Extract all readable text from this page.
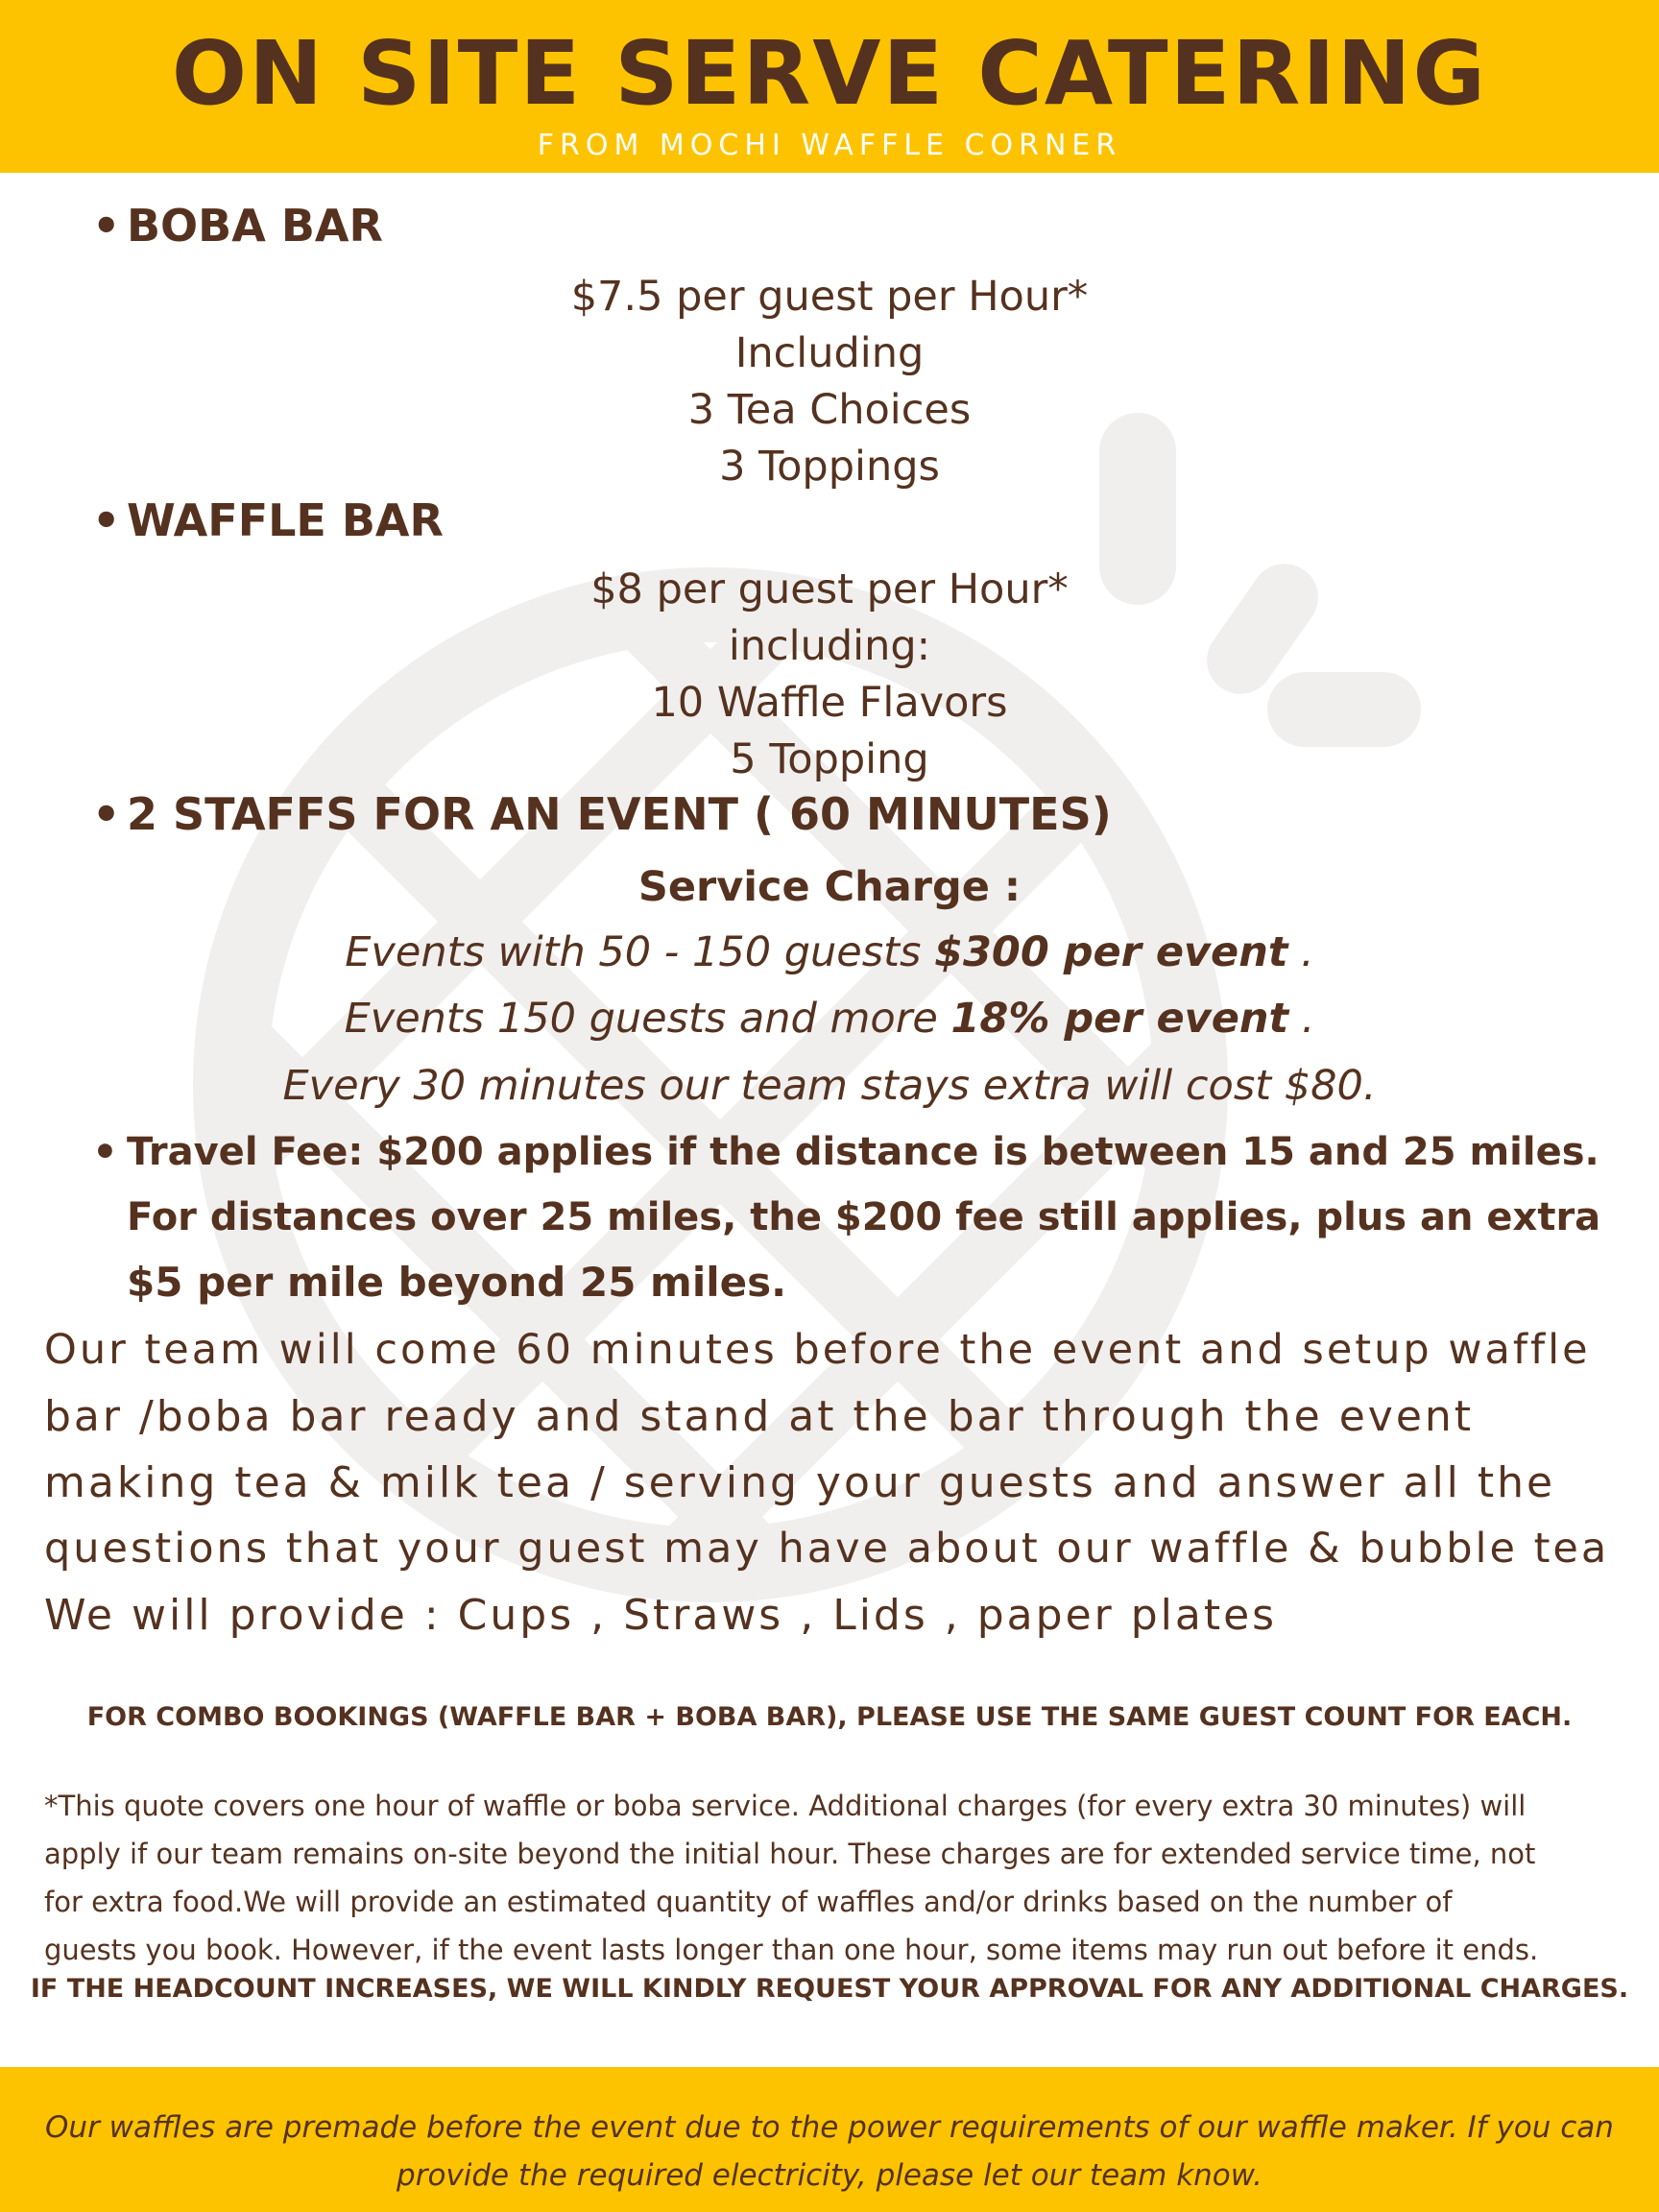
ON SITE SERVE CATERING
FROM MOCHI WAFFLE CORNER
• BOBA BAR
$7.5 per guest per Hour*
Including
3 Tea Choices
3 Toppings
• WAFFLE BAR
$8 per guest per Hour*
including:
10 Waffle Flavors
5 Topping
• 2 STAFFS FOR AN EVENT ( 60 MINUTES)
Service Charge :
Events with 50 - 150 guests $300 per event .
Events 150 guests and more 18% per event .
Every 30 minutes our team stays extra will cost $80.
• Travel Fee: $200 applies if the distance is between 15 and 25 miles.
For distances over 25 miles, the $200 fee still applies, plus an extra
$5 per mile beyond 25 miles.
Our team will come 60 minutes before the event and setup waffle
bar /boba bar ready and stand at the bar through the event
making tea & milk tea / serving your guests and answer all the
questions that your guest may have about our waffle & bubble tea
We will provide : Cups , Straws , Lids , paper plates
FOR COMBO BOOKINGS (WAFFLE BAR + BOBA BAR), PLEASE USE THE SAME GUEST COUNT FOR EACH.
*This quote covers one hour of waffle or boba service. Additional charges (for every extra 30 minutes) will
apply if our team remains on-site beyond the initial hour. These charges are for extended service time, not
for extra food.We will provide an estimated quantity of waffles and/or drinks based on the number of
guests you book. However, if the event lasts longer than one hour, some items may run out before it ends.
IF THE HEADCOUNT INCREASES, WE WILL KINDLY REQUEST YOUR APPROVAL FOR ANY ADDITIONAL CHARGES.
Our waffles are premade before the event due to the power requirements of our waffle maker. If you can
provide the required electricity, please let our team know.
